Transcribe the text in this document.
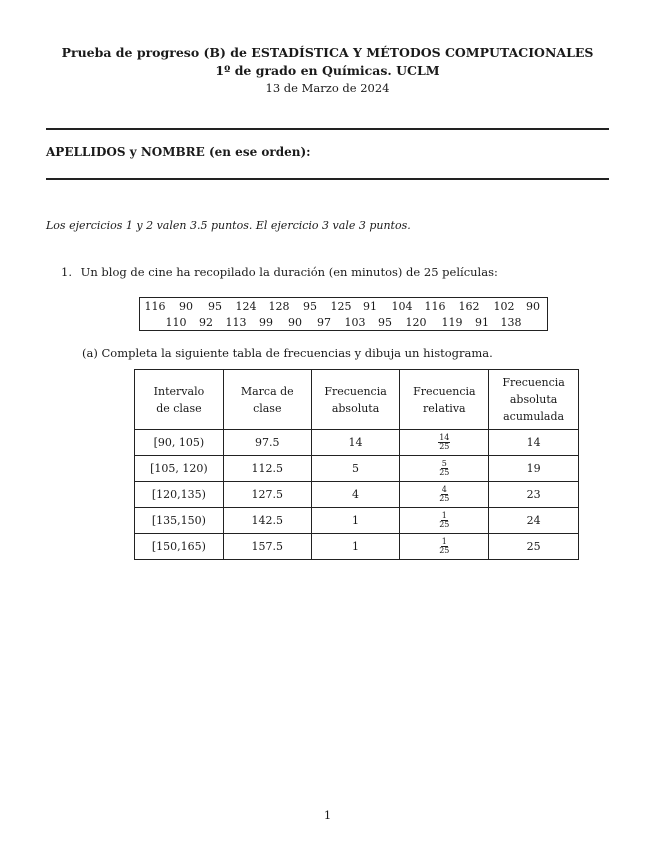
Prueba de progreso (B) de ESTADÍSTICA Y MÉTODOS COMPUTACIONALES
1º de grado en Químicas. UCLM
13 de Marzo de 2024
APELLIDOS y NOMBRE (en ese orden):
Los ejercicios 1 y 2 valen 3.5 puntos. El ejercicio 3 vale 3 puntos.
1. Un blog de cine ha recopilado la duración (en minutos) de 25 películas:
116 90 95 124 128 95 125 91 104 116 162 102 90
110 92 113 99 90 97 103 95 120 119 91 138
(a) Completa la siguiente tabla de frecuencias y dibuja un histograma.
Intervalo de clase	Marca de clase	Frecuencia absoluta	Frecuencia relativa	Frecuencia absoluta acumulada
[90, 105)	97.5	14	$\frac{14}{25}$	14
[105, 120)	112.5	5	$\frac{5}{25}$	19
[120,135)	127.5	4	$\frac{4}{25}$	23
[135,150)	142.5	1	$\frac{1}{25}$	24
[150,165)	157.5	1	$\frac{1}{25}$	25
1
